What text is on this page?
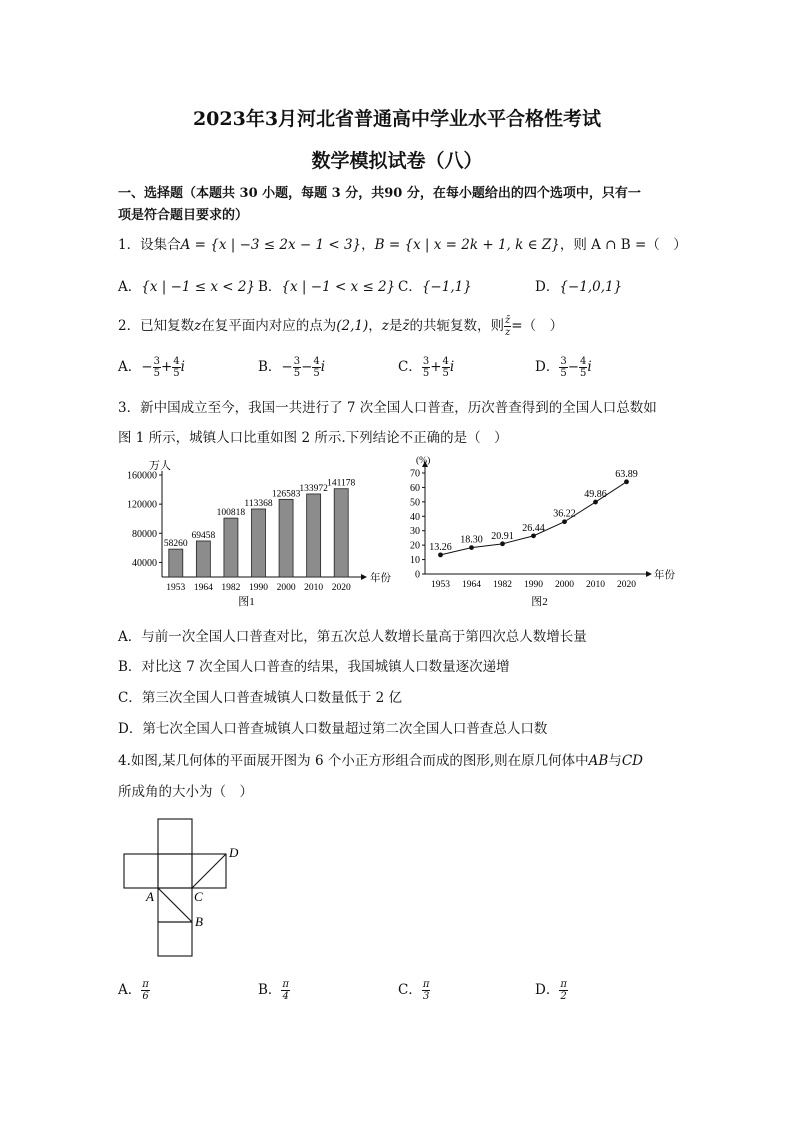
2023年3月河北省普通高中学业水平合格性考试
数学模拟试卷（八）
一、选择题（本题共 30 小题，每题 3 分，共90 分，在每小题给出的四个选项中，只有一
项是符合题目要求的）
1．设集合A = {x | −3 ≤ 2x − 1 < 3}，B = {x | x = 2k + 1, k ∈ Z}，则 A ∩ B =（　）
A．{x | −1 ≤ x < 2} B．{x | −1 < x ≤ 2} C．{−1,1}	D．{−1,0,1}
2．已知复数z在复平面内对应的点为(2,1)，z是z̄的共轭复数，则 $\frac{z̄}{z}$ =（　）
A．− $\frac{3}{5} + \frac{4}{5}$ i	B．− $\frac{3}{5} - \frac{4}{5}$ i	C． $\frac{3}{5} + \frac{4}{5}$ i	D． $\frac{3}{5} - \frac{4}{5}$ i
3．新中国成立至今，我国一共进行了 7 次全国人口普查，历次普查得到的全国人口总数如
图 1 所示，城镇人口比重如图 2 所示.下列结论不正确的是（　）
万人
年份
40000
80000
120000
160000
58260
1953
69458
1964
100818
1982
113368
1990
126583
2000
133972
2010
141178
2020
图1
(%)
年份
0
10
20
30
40
50
60
70
13.26
1953
18.30
1964
20.91
1982
26.44
1990
36.22
2000
49.86
2010
63.89
2020
图2
A．与前一次全国人口普查对比，第五次总人数增长量高于第四次总人数增长量
B．对比这 7 次全国人口普查的结果，我国城镇人口数量逐次递增
C．第三次全国人口普查城镇人口数量低于 2 亿
D．第七次全国人口普查城镇人口数量超过第二次全国人口普查总人口数
4.如图,某几何体的平面展开图为 6 个小正方形组合而成的图形,则在原几何体中AB与CD
所成角的大小为（　）
A
B
C
D
A． $\frac{\pi}{6}$	B． $\frac{\pi}{4}$	C． $\frac{\pi}{3}$	D． $\frac{\pi}{2}$
